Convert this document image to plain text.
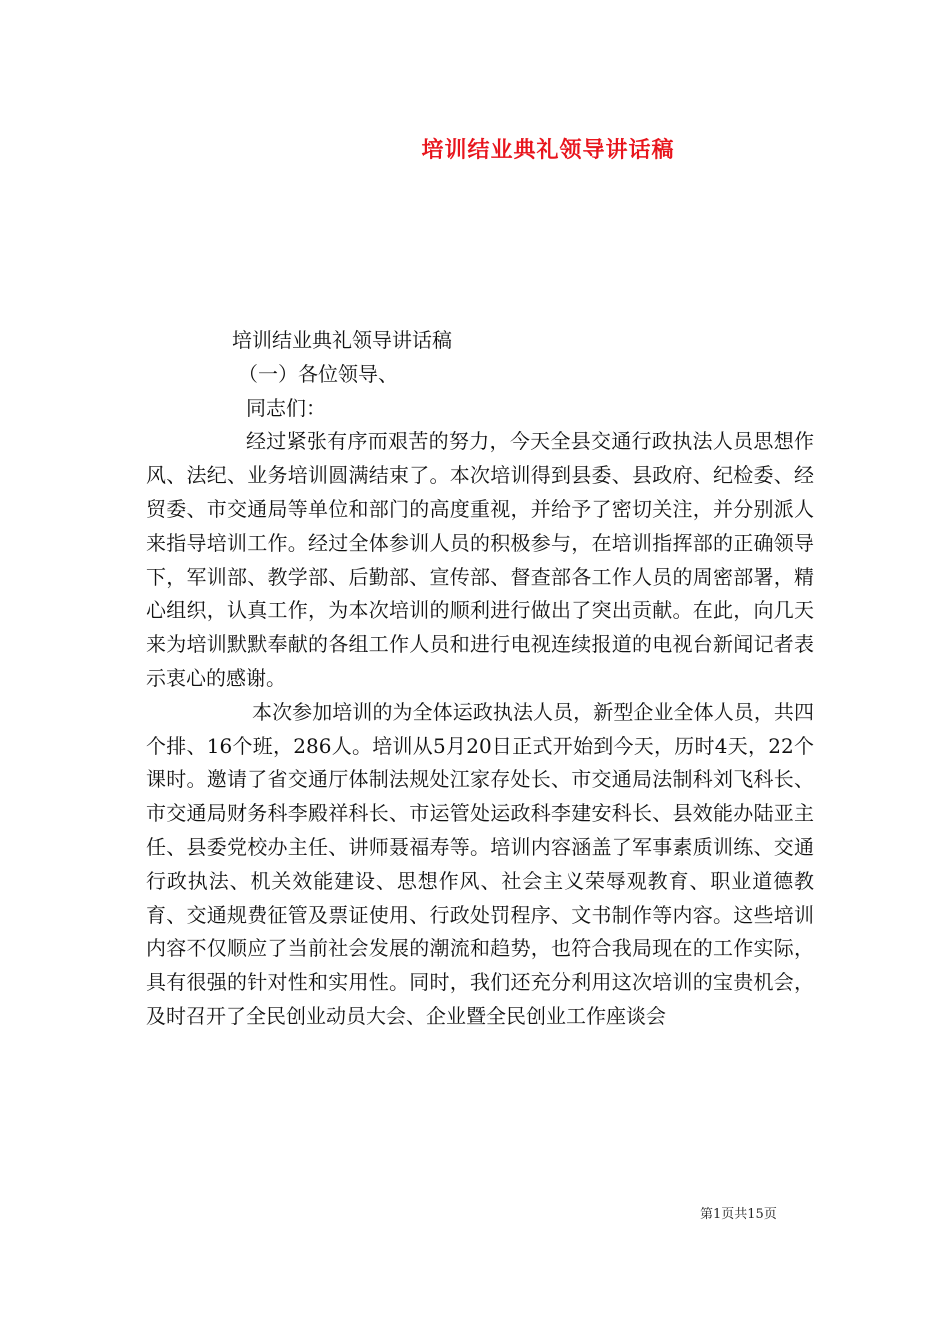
培训结业典礼领导讲话稿

培训结业典礼领导讲话稿

（一）各位领导、

同志们：

经过紧张有序而艰苦的努力，今天全县交通行政执法人员思想作风、法纪、业务培训圆满结束了。本次培训得到县委、县政府、纪检委、经贸委、市交通局等单位和部门的高度重视，并给予了密切关注，并分别派人来指导培训工作。经过全体参训人员的积极参与，在培训指挥部的正确领导下，军训部、教学部、后勤部、宣传部、督查部各工作人员的周密部署，精心组织，认真工作，为本次培训的顺利进行做出了突出贡献。在此，向几天来为培训默默奉献的各组工作人员和进行电视连续报道的电视台新闻记者表示衷心的感谢。

本次参加培训的为全体运政执法人员，新型企业全体人员，共四个排、16个班，286人。培训从5月20日正式开始到今天，历时4天，22个课时。邀请了省交通厅体制法规处江家存处长、市交通局法制科刘飞科长、市交通局财务科李殿祥科长、市运管处运政科李建安科长、县效能办陆亚主任、县委党校办主任、讲师聂福寿等。培训内容涵盖了军事素质训练、交通行政执法、机关效能建设、思想作风、社会主义荣辱观教育、职业道德教育、交通规费征管及票证使用、行政处罚程序、文书制作等内容。这些培训内容不仅顺应了当前社会发展的潮流和趋势，也符合我局现在的工作实际，具有很强的针对性和实用性。同时，我们还充分利用这次培训的宝贵机会，及时召开了全民创业动员大会、企业暨全民创业工作座谈会

第1页共15页
